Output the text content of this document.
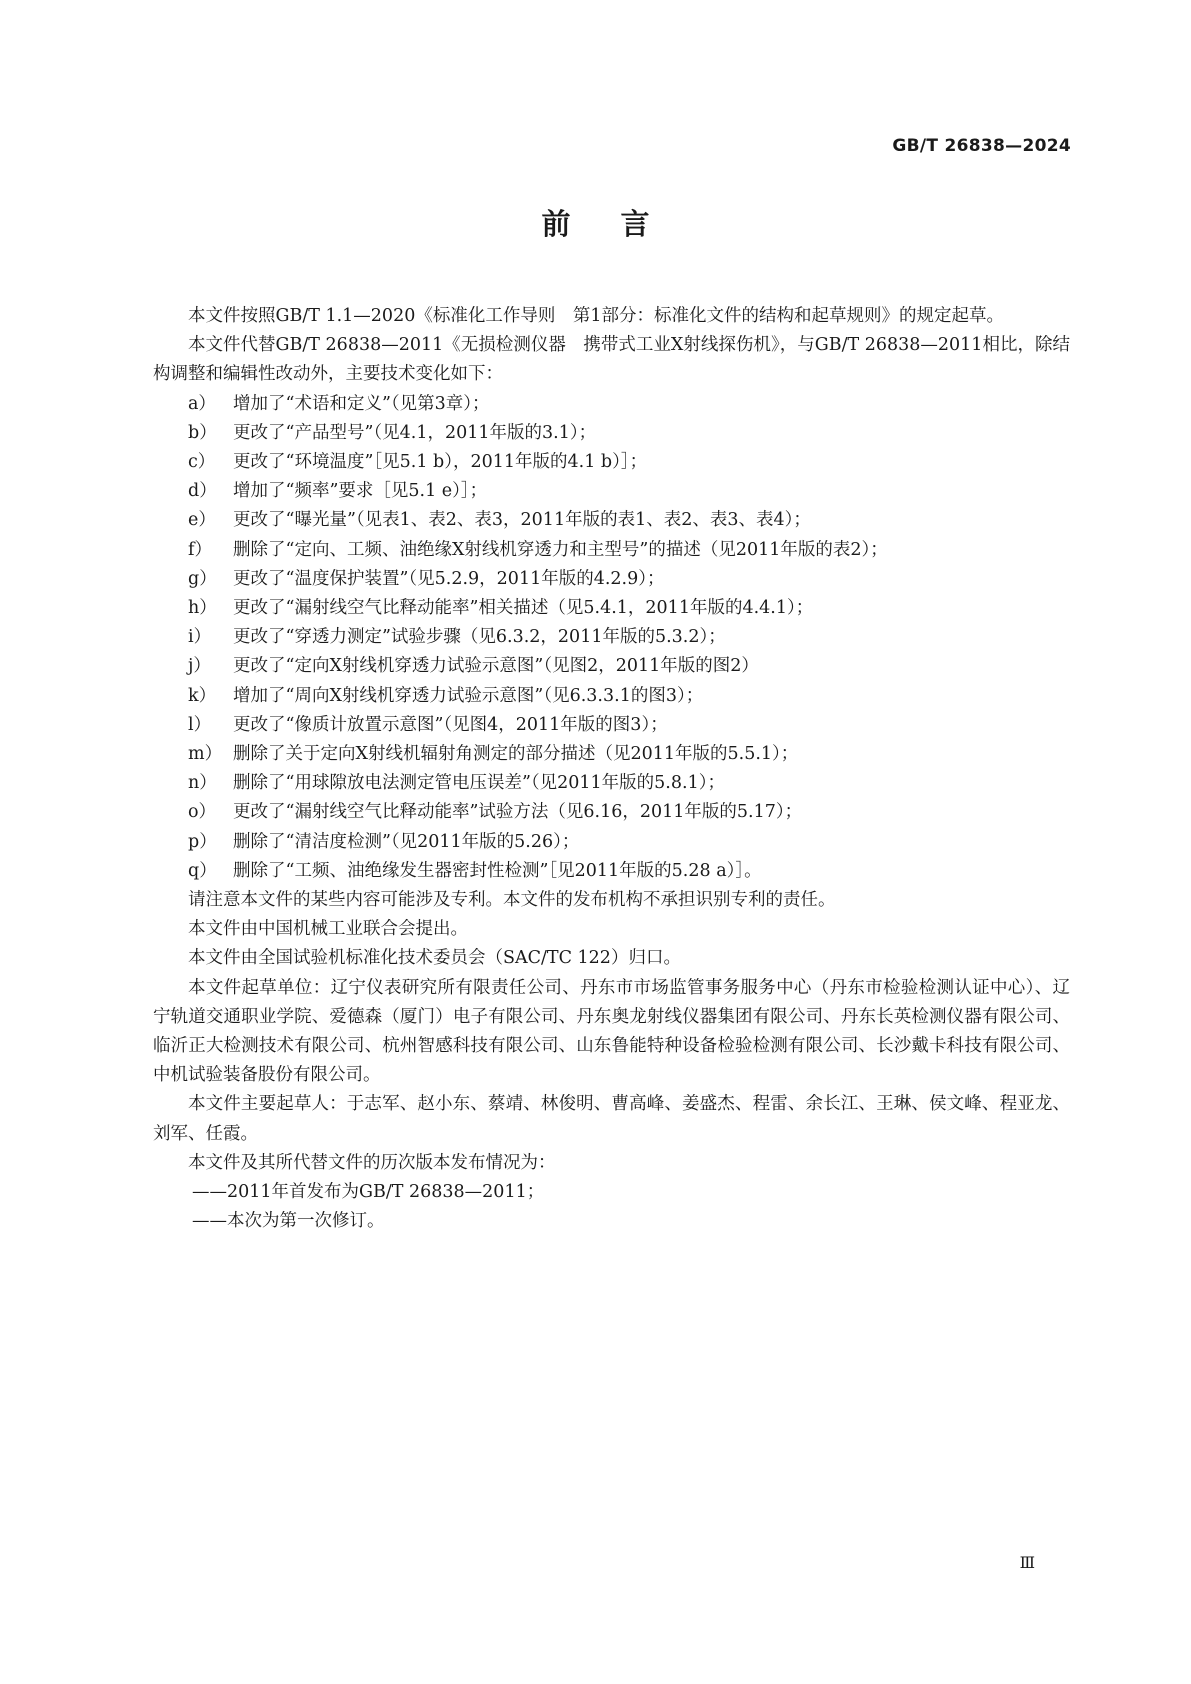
GB/T 26838—2024
前 言

本文件按照GB/T 1.1—2020《标准化工作导则　第1部分：标准化文件的结构和起草规则》的规定起草。

本文件代替GB/T 26838—2011《无损检测仪器　携带式工业X射线探伤机》，与GB/T 26838—2011相比，除结构调整和编辑性改动外，主要技术变化如下：

a） 增加了“术语和定义”（见第3章）；

b） 更改了“产品型号”（见4.1，2011年版的3.1）；

c） 更改了“环境温度”［见5.1 b），2011年版的4.1 b）］；

d） 增加了“频率”要求［见5.1 e）］；

e） 更改了“曝光量”（见表1、表2、表3，2011年版的表1、表2、表3、表4）；

f） 删除了“定向、工频、油绝缘X射线机穿透力和主型号”的描述（见2011年版的表2）；

g） 更改了“温度保护装置”（见5.2.9，2011年版的4.2.9）；

h） 更改了“漏射线空气比释动能率”相关描述（见5.4.1，2011年版的4.4.1）；

i） 更改了“穿透力测定”试验步骤（见6.3.2，2011年版的5.3.2）；

j） 更改了“定向X射线机穿透力试验示意图”（见图2，2011年版的图2）

k） 增加了“周向X射线机穿透力试验示意图”（见6.3.3.1的图3）；

l） 更改了“像质计放置示意图”（见图4，2011年版的图3）；

m） 删除了关于定向X射线机辐射角测定的部分描述（见2011年版的5.5.1）；

n） 删除了“用球隙放电法测定管电压误差”（见2011年版的5.8.1）；

o） 更改了“漏射线空气比释动能率”试验方法（见6.16，2011年版的5.17）；

p） 删除了“清洁度检测”（见2011年版的5.26）；

q） 删除了“工频、油绝缘发生器密封性检测”［见2011年版的5.28 a）］。

请注意本文件的某些内容可能涉及专利。本文件的发布机构不承担识别专利的责任。

本文件由中国机械工业联合会提出。

本文件由全国试验机标准化技术委员会（SAC/TC 122）归口。

本文件起草单位：辽宁仪表研究所有限责任公司、丹东市市场监管事务服务中心（丹东市检验检测认证中心）、辽宁轨道交通职业学院、爱德森（厦门）电子有限公司、丹东奥龙射线仪器集团有限公司、丹东长英检测仪器有限公司、临沂正大检测技术有限公司、杭州智感科技有限公司、山东鲁能特种设备检验检测有限公司、长沙戴卡科技有限公司、中机试验装备股份有限公司。

本文件主要起草人：于志军、赵小东、蔡靖、林俊明、曹高峰、姜盛杰、程雷、余长江、王琳、侯文峰、程亚龙、刘军、任霞。

本文件及其所代替文件的历次版本发布情况为：

——2011年首发布为GB/T 26838—2011；

——本次为第一次修订。

Ⅲ
